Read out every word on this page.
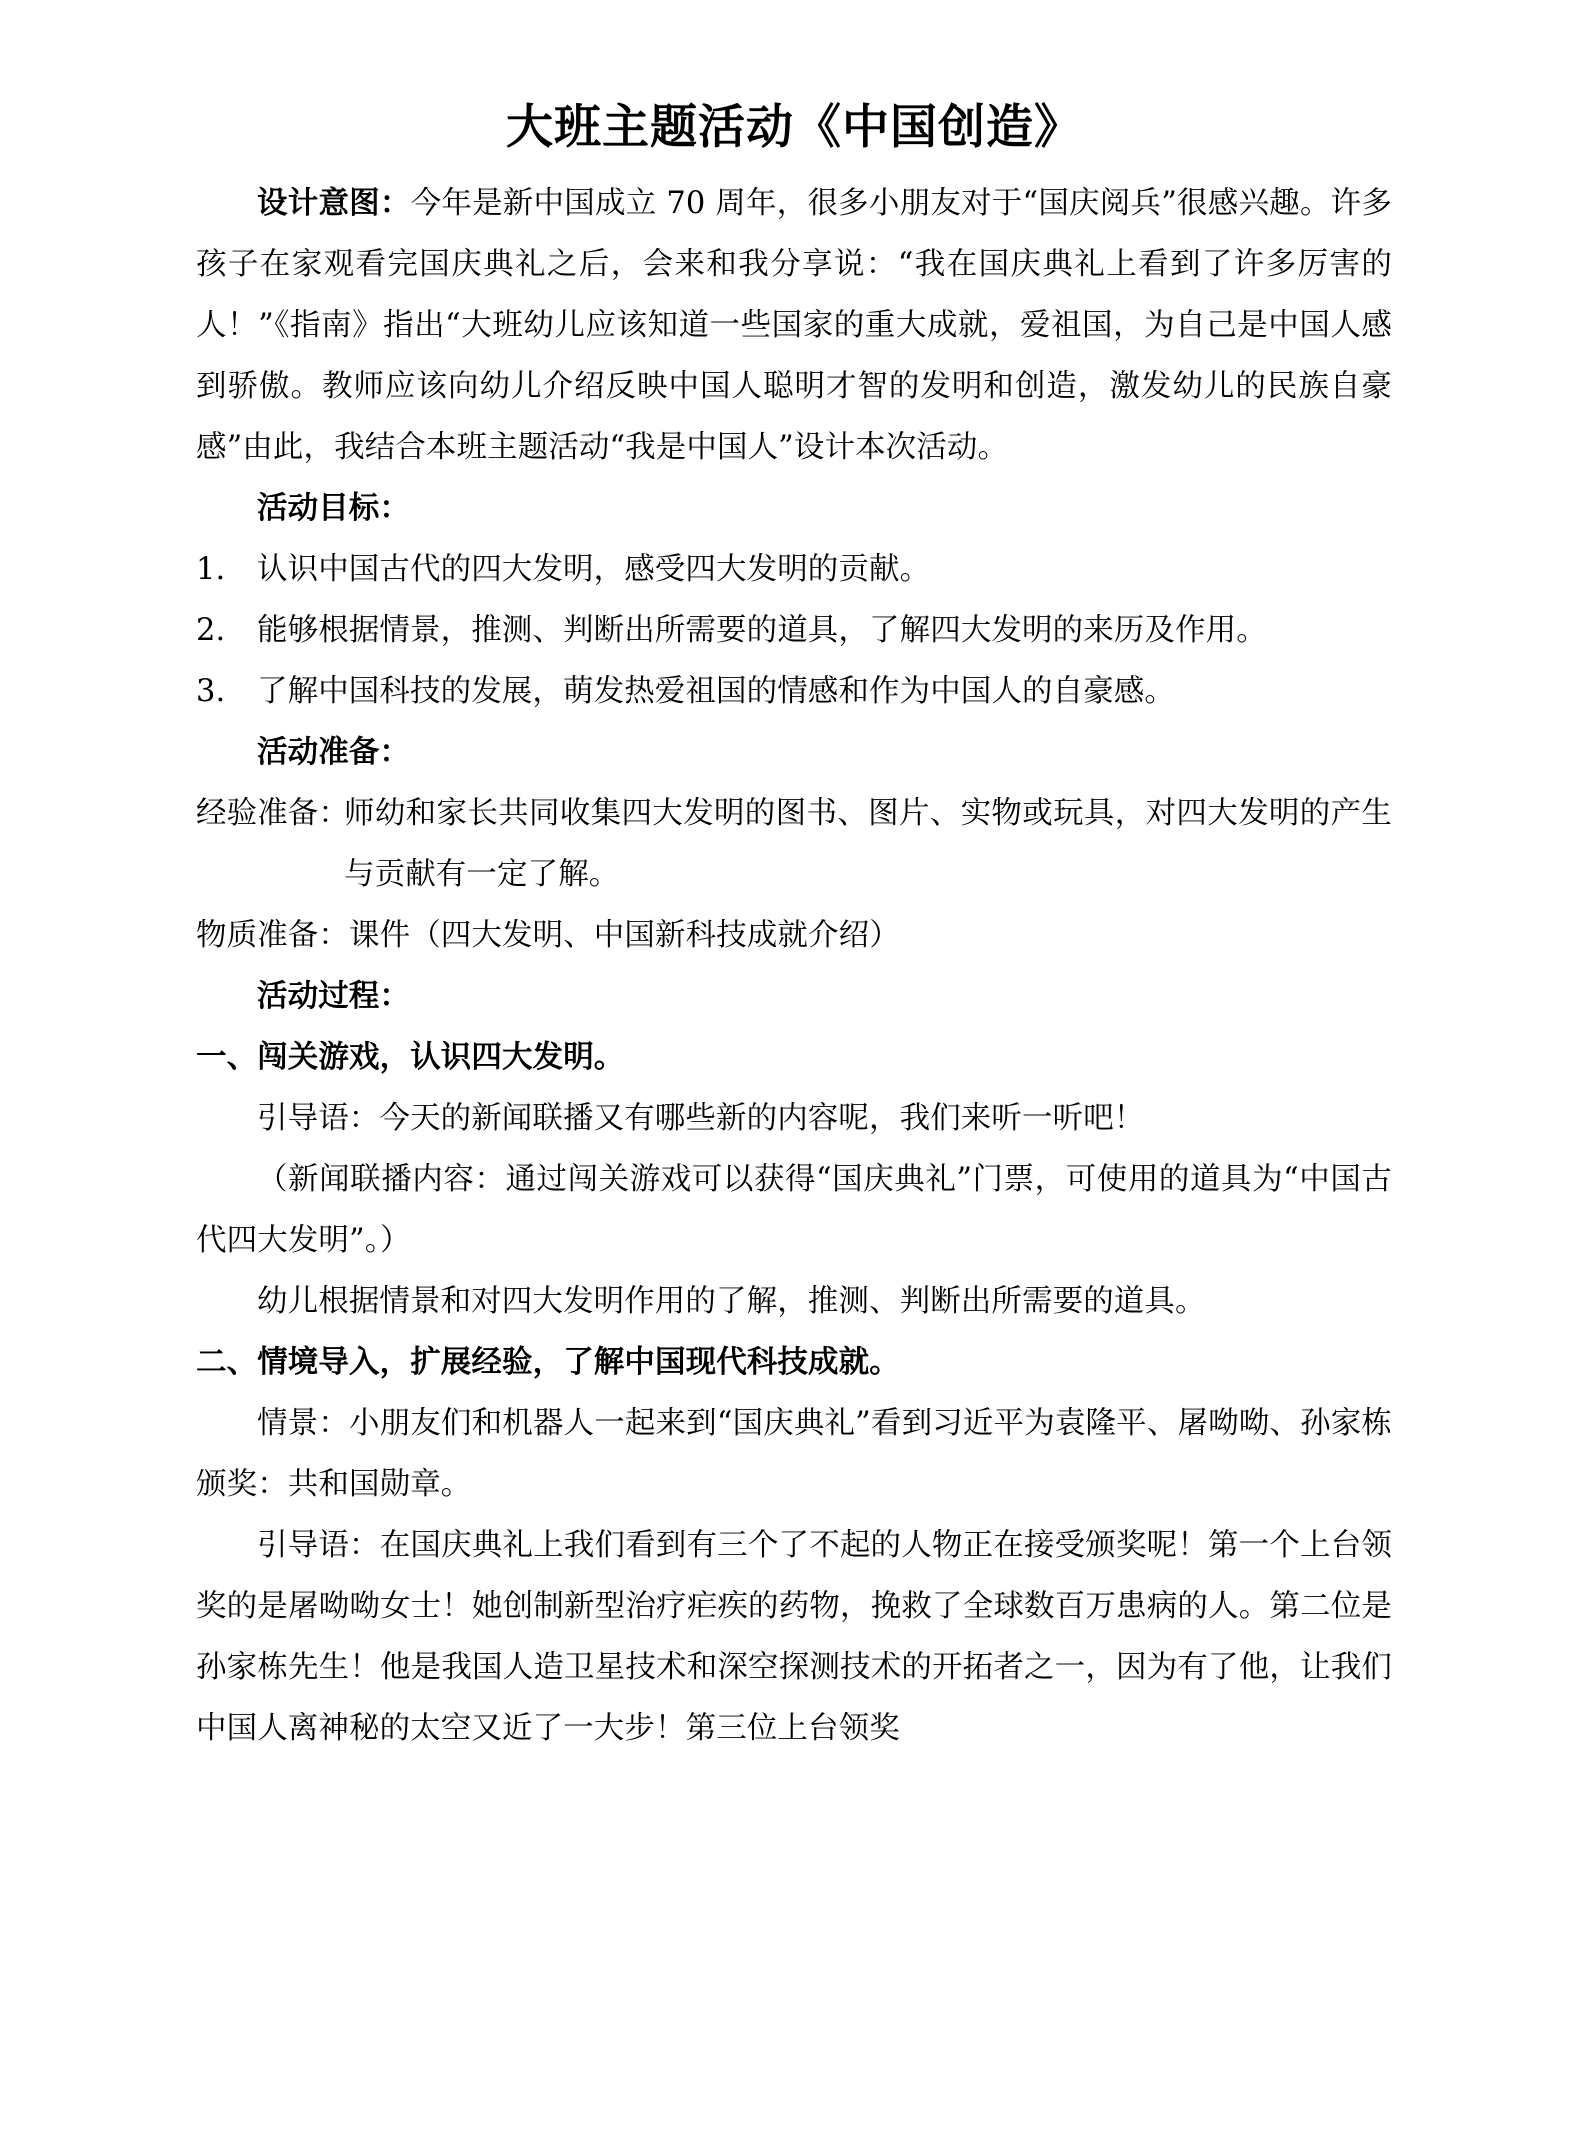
大班主题活动《中国创造》

设计意图：今年是新中国成立 70 周年，很多小朋友对于“国庆阅兵”很感兴趣。许多孩子在家观看完国庆典礼之后，会来和我分享说：“我在国庆典礼上看到了许多厉害的人！”《指南》指出“大班幼儿应该知道一些国家的重大成就，爱祖国，为自己是中国人感到骄傲。教师应该向幼儿介绍反映中国人聪明才智的发明和创造，激发幼儿的民族自豪感”由此，我结合本班主题活动“我是中国人”设计本次活动。

活动目标：

1.	认识中国古代的四大发明，感受四大发明的贡献。

2.	能够根据情景，推测、判断出所需要的道具，了解四大发明的来历及作用。

3.	了解中国科技的发展，萌发热爱祖国的情感和作为中国人的自豪感。

活动准备：

经验准备：
师幼和家长共同收集四大发明的图书、图片、实物或玩具，对四大发明的产生与贡献有一定了解。

物质准备：课件（四大发明、中国新科技成就介绍）

活动过程：

一、闯关游戏，认识四大发明。

引导语：今天的新闻联播又有哪些新的内容呢，我们来听一听吧！

（新闻联播内容：通过闯关游戏可以获得“国庆典礼”门票，可使用的道具为“中国古代四大发明”。）

幼儿根据情景和对四大发明作用的了解，推测、判断出所需要的道具。

二、情境导入，扩展经验，了解中国现代科技成就。

情景：小朋友们和机器人一起来到“国庆典礼”看到习近平为袁隆平、屠呦呦、孙家栋颁奖：共和国勋章。

引导语：在国庆典礼上我们看到有三个了不起的人物正在接受颁奖呢！第一个上台领奖的是屠呦呦女士！她创制新型治疗疟疾的药物，挽救了全球数百万患病的人。第二位是孙家栋先生！他是我国人造卫星技术和深空探测技术的开拓者之一，因为有了他，让我们中国人离神秘的太空又近了一大步！第三位上台领奖
